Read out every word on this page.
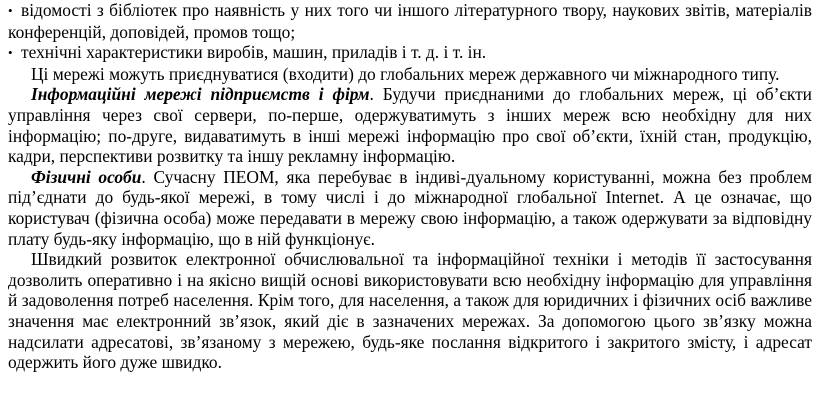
• відомості з бібліотек про наявність у них того чи іншого літературного твору, наукових звітів, матеріалів конференцій, доповідей, промов тощо;

• технічні характеристики виробів, машин, приладів і т. д. і т. ін.

Ці мережі можуть приєднуватися (входити) до глобальних мереж державного чи міжнародного типу.

Інформаційні мережі підприємств і фірм. Будучи приєднаними до глобальних мереж, ці об’єкти управління через свої сервери, по-перше, одержуватимуть з інших мереж всю необхідну для них інформацію; по-друге, видаватимуть в інші мережі інформацію про свої об’єкти, їхній стан, продукцію, кадри, перспективи розвитку та іншу рекламну інформацію.

Фізичні особи. Сучасну ПЕОМ, яка перебуває в індиві-дуальному користуванні, можна без проблем під’єднати до будь-якої мережі, в тому числі і до міжнародної глобальної Internet. А це означає, що користувач (фізична особа) може передавати в мережу свою інформацію, а також одержувати за відповідну плату будь-яку інформацію, що в ній функціонує.

Швидкий розвиток електронної обчислювальної та інформаційної техніки і методів її застосування дозволить оперативно і на якісно вищій основі використовувати всю необхідну інформацію для управління й задоволення потреб населення. Крім того, для населення, а також для юридичних і фізичних осіб важливе значення має електронний зв’язок, який діє в зазначених мережах. За допомогою цього зв’язку можна надсилати адресатові, зв’язаному з мережею, будь-яке послання відкритого і закритого змісту, і адресат одержить його дуже швидко.
